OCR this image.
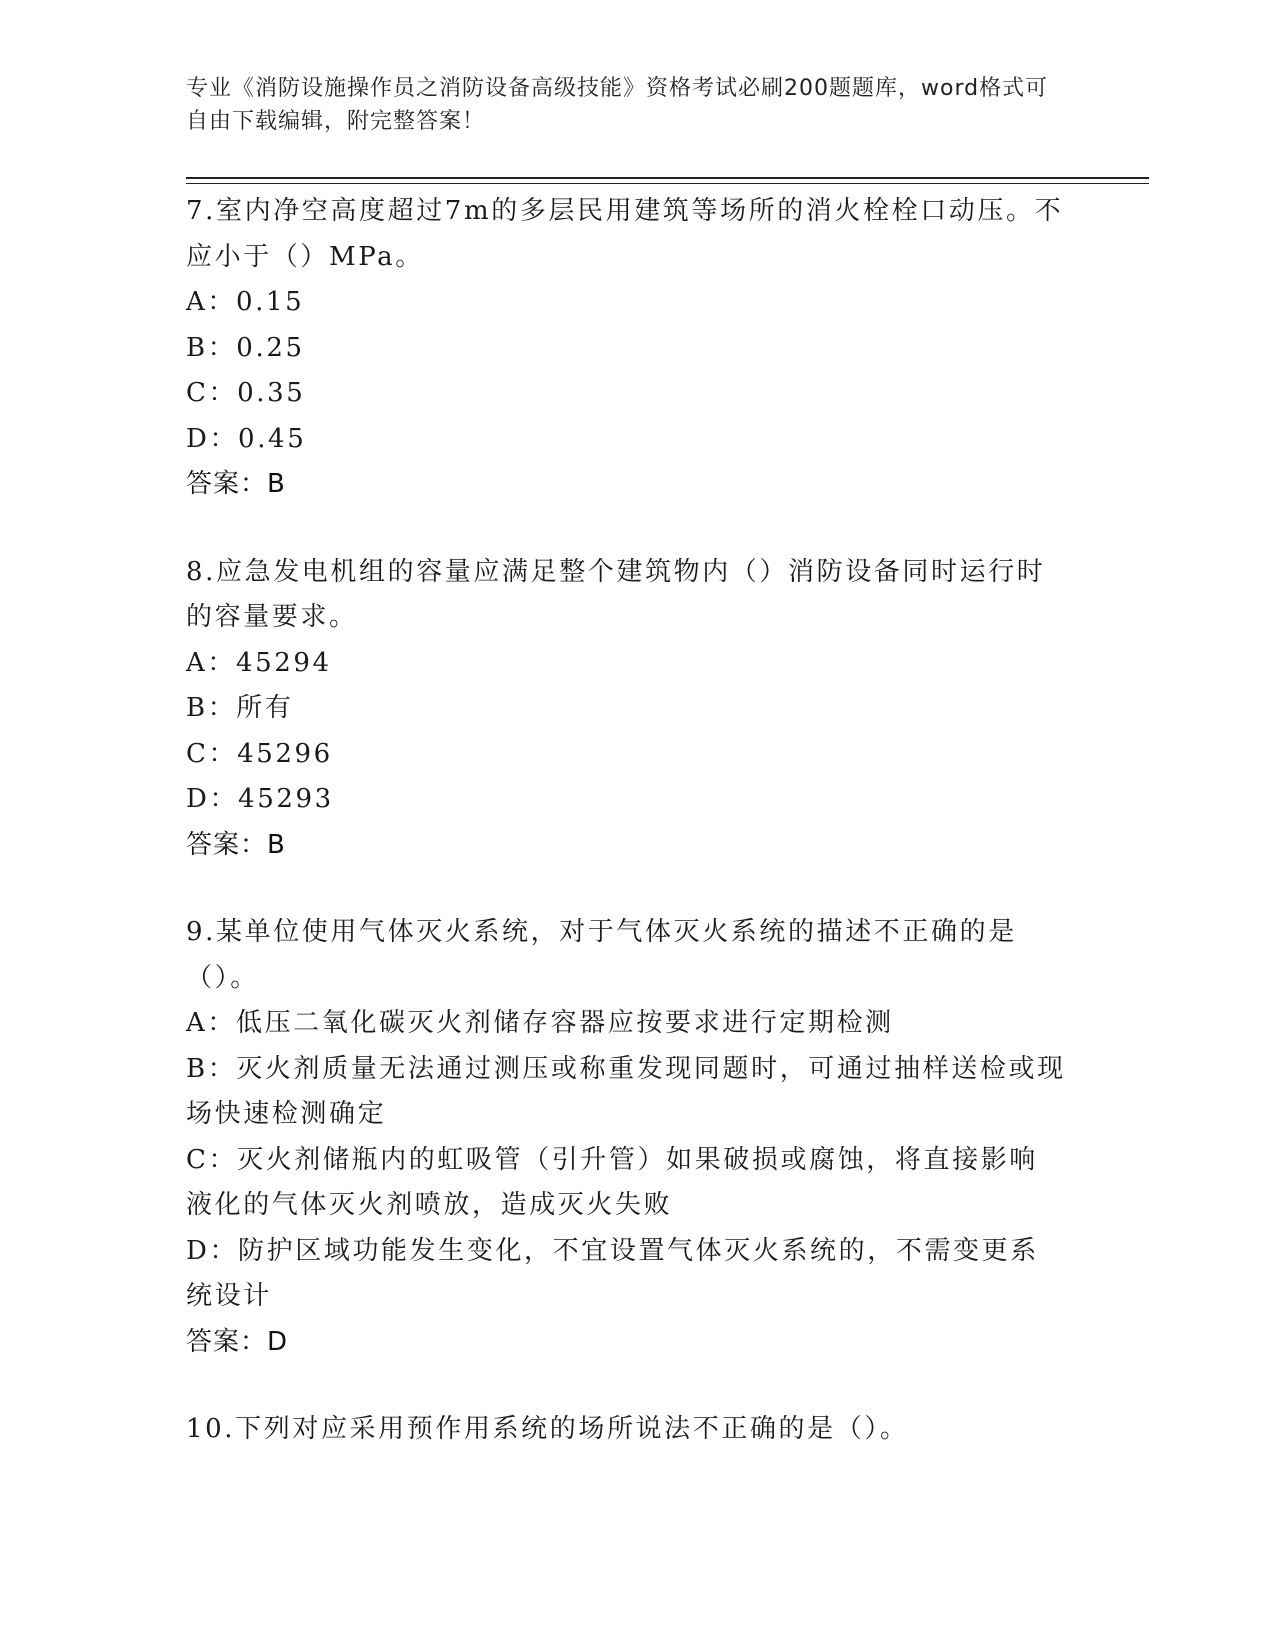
专业《消防设施操作员之消防设备高级技能》资格考试必刷200题题库，word格式可自由下载编辑，附完整答案！

7.室内净空高度超过7m的多层民用建筑等场所的消火栓栓口动压。不应小于（）MPa。

A：0.15

B：0.25

C：0.35

D：0.45

答案：B

8.应急发电机组的容量应满足整个建筑物内（）消防设备同时运行时的容量要求。

A：45294

B：所有

C：45296

D：45293

答案：B

9.某单位使用气体灭火系统，对于气体灭火系统的描述不正确的是（）。

A：低压二氧化碳灭火剂储存容器应按要求进行定期检测

B：灭火剂质量无法通过测压或称重发现同题时，可通过抽样送检或现场快速检测确定

C：灭火剂储瓶内的虹吸管（引升管）如果破损或腐蚀，将直接影响液化的气体灭火剂喷放，造成灭火失败

D：防护区域功能发生变化，不宜设置气体灭火系统的，不需变更系统设计

答案：D

10.下列对应采用预作用系统的场所说法不正确的是（）。
